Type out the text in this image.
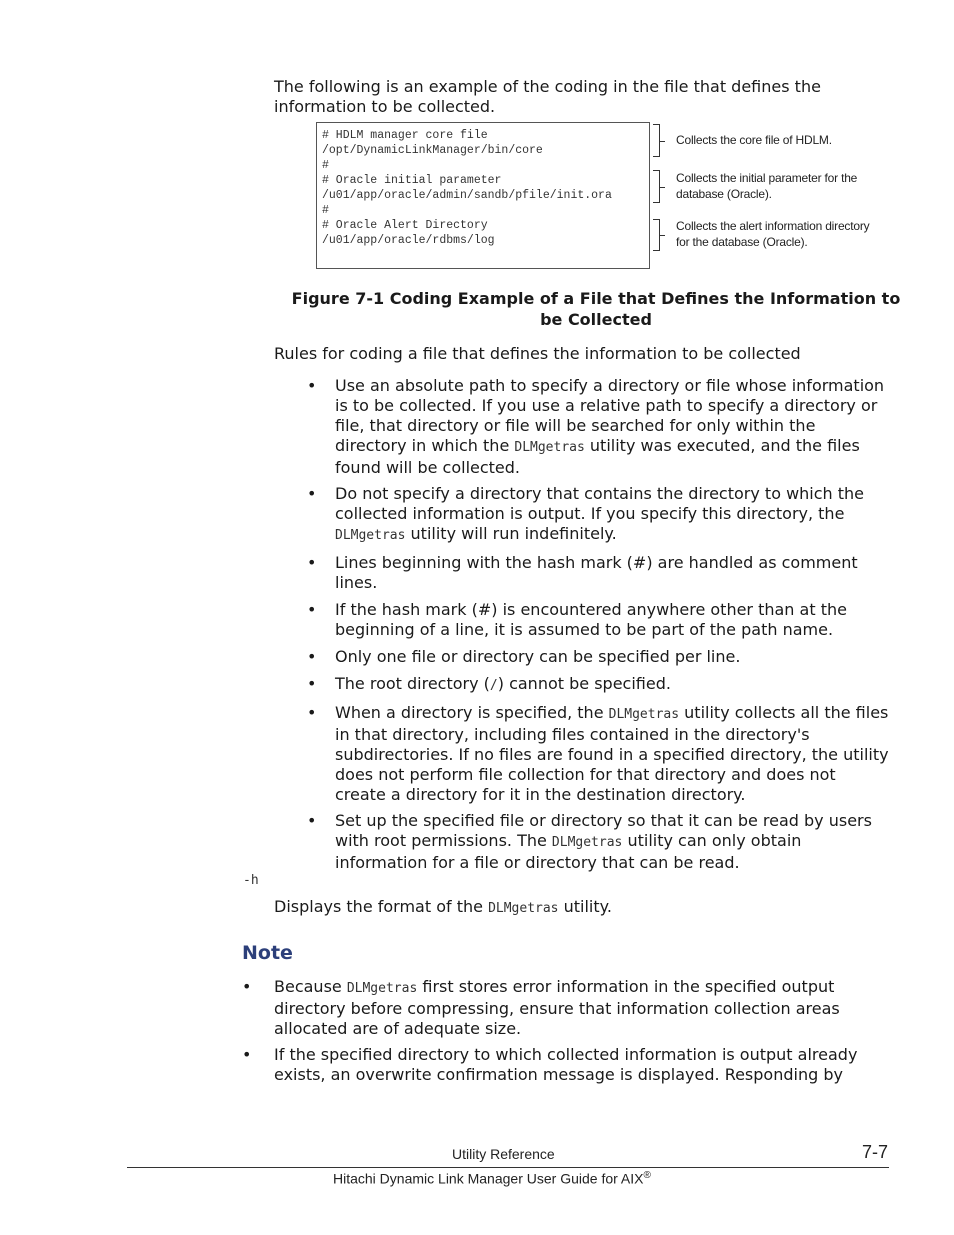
The following is an example of the coding in the file that defines the information to be collected.
# HDLM manager core file
/opt/DynamicLinkManager/bin/core
#
# Oracle initial parameter
/u01/app/oracle/admin/sandb/pfile/init.ora
#
# Oracle Alert Directory
/u01/app/oracle/rdbms/log
Collects the core file of HDLM.
Collects the initial parameter for the database (Oracle).
Collects the alert information directory for the database (Oracle).
Figure 7-1 Coding Example of a File that Defines the Information to be Collected
Rules for coding a file that defines the information to be collected
• Use an absolute path to specify a directory or file whose information is to be collected. If you use a relative path to specify a directory or file, that directory or file will be searched for only within the directory in which the DLMgetras utility was executed, and the files found will be collected.
• Do not specify a directory that contains the directory to which the collected information is output. If you specify this directory, the DLMgetras utility will run indefinitely.
• Lines beginning with the hash mark (#) are handled as comment lines.
• If the hash mark (#) is encountered anywhere other than at the beginning of a line, it is assumed to be part of the path name.
• Only one file or directory can be specified per line.
• The root directory (/) cannot be specified.
• When a directory is specified, the DLMgetras utility collects all the files in that directory, including files contained in the directory's subdirectories. If no files are found in a specified directory, the utility does not perform file collection for that directory and does not create a directory for it in the destination directory.
• Set up the specified file or directory so that it can be read by users with root permissions. The DLMgetras utility can only obtain information for a file or directory that can be read.
-h
Displays the format of the DLMgetras utility.
Note
• Because DLMgetras first stores error information in the specified output directory before compressing, ensure that information collection areas allocated are of adequate size.
• If the specified directory to which collected information is output already exists, an overwrite confirmation message is displayed. Responding by
Utility Reference	7-7
Hitachi Dynamic Link Manager User Guide for AIX®
